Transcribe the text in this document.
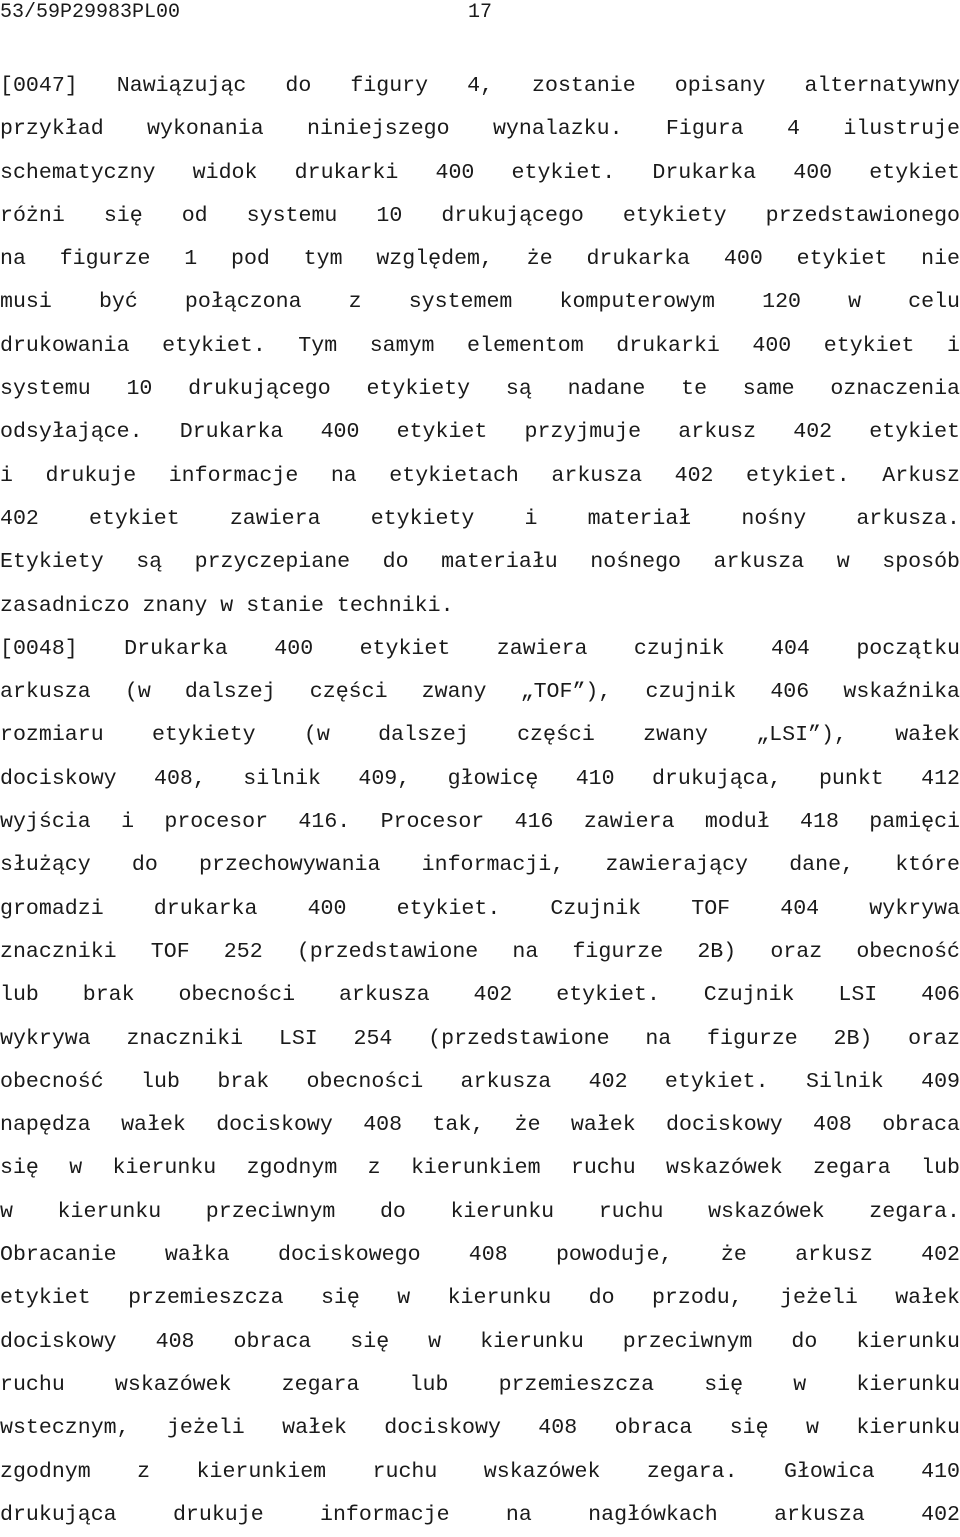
53/59P29983PL00	17
[0047] Nawiązując do figury 4, zostanie opisany alternatywny
przykład wykonania niniejszego wynalazku. Figura 4 ilustruje
schematyczny widok drukarki 400 etykiet. Drukarka 400 etykiet
różni się od systemu 10 drukującego etykiety przedstawionego
na figurze 1 pod tym względem, że drukarka 400 etykiet nie
musi być połączona z systemem komputerowym 120 w celu
drukowania etykiet. Tym samym elementom drukarki 400 etykiet i
systemu 10 drukującego etykiety są nadane te same oznaczenia
odsyłające. Drukarka 400 etykiet przyjmuje arkusz 402 etykiet
i drukuje informacje na etykietach arkusza 402 etykiet. Arkusz
402 etykiet zawiera etykiety i materiał nośny arkusza.
Etykiety są przyczepiane do materiału nośnego arkusza w sposób
zasadniczo znany w stanie techniki.
[0048] Drukarka 400 etykiet zawiera czujnik 404 początku
arkusza (w dalszej części zwany „TOF”), czujnik 406 wskaźnika
rozmiaru etykiety (w dalszej części zwany „LSI”), wałek
dociskowy 408, silnik 409, głowicę 410 drukująca, punkt 412
wyjścia i procesor 416. Procesor 416 zawiera moduł 418 pamięci
służący do przechowywania informacji, zawierający dane, które
gromadzi drukarka 400 etykiet. Czujnik TOF 404 wykrywa
znaczniki TOF 252 (przedstawione na figurze 2B) oraz obecność
lub brak obecności arkusza 402 etykiet. Czujnik LSI 406
wykrywa znaczniki LSI 254 (przedstawione na figurze 2B) oraz
obecność lub brak obecności arkusza 402 etykiet. Silnik 409
napędza wałek dociskowy 408 tak, że wałek dociskowy 408 obraca
się w kierunku zgodnym z kierunkiem ruchu wskazówek zegara lub
w kierunku przeciwnym do kierunku ruchu wskazówek zegara.
Obracanie wałka dociskowego 408 powoduje, że arkusz 402
etykiet przemieszcza się w kierunku do przodu, jeżeli wałek
dociskowy 408 obraca się w kierunku przeciwnym do kierunku
ruchu wskazówek zegara lub przemieszcza się w kierunku
wstecznym, jeżeli wałek dociskowy 408 obraca się w kierunku
zgodnym z kierunkiem ruchu wskazówek zegara. Głowica 410
drukująca drukuje informacje na nagłówkach arkusza 402
